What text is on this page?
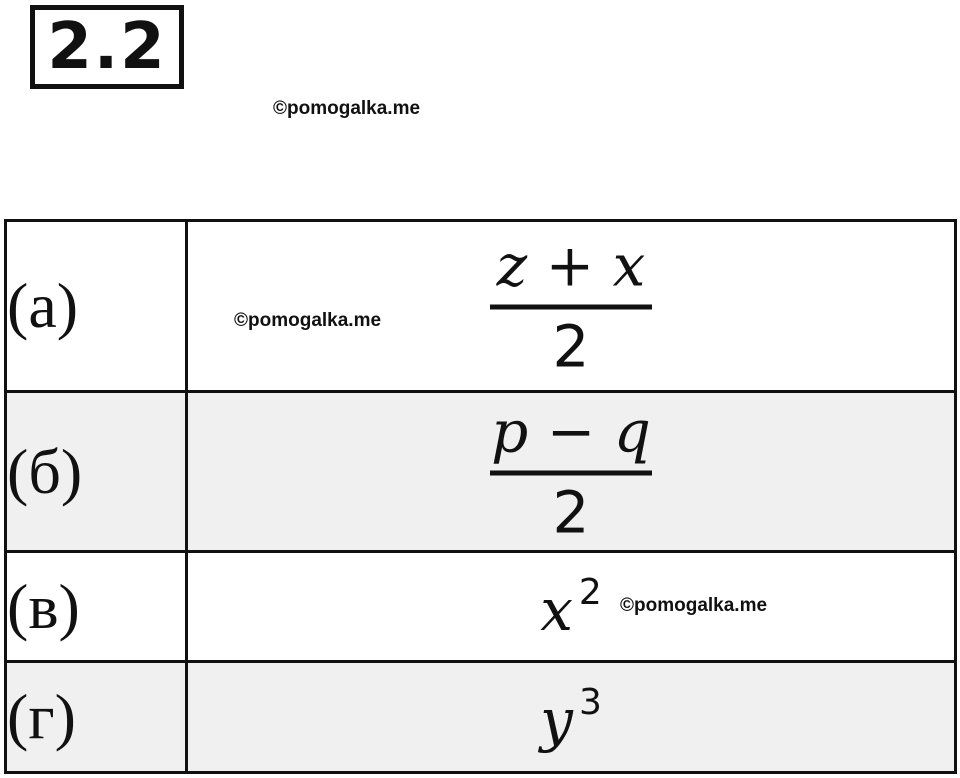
2.2
©pomogalka.me
(а)	©pomogalka.me
z + x
2

(б)	p − q
2

(в)	x $^2$ ©pomogalka.me

(г)	y $^3$
